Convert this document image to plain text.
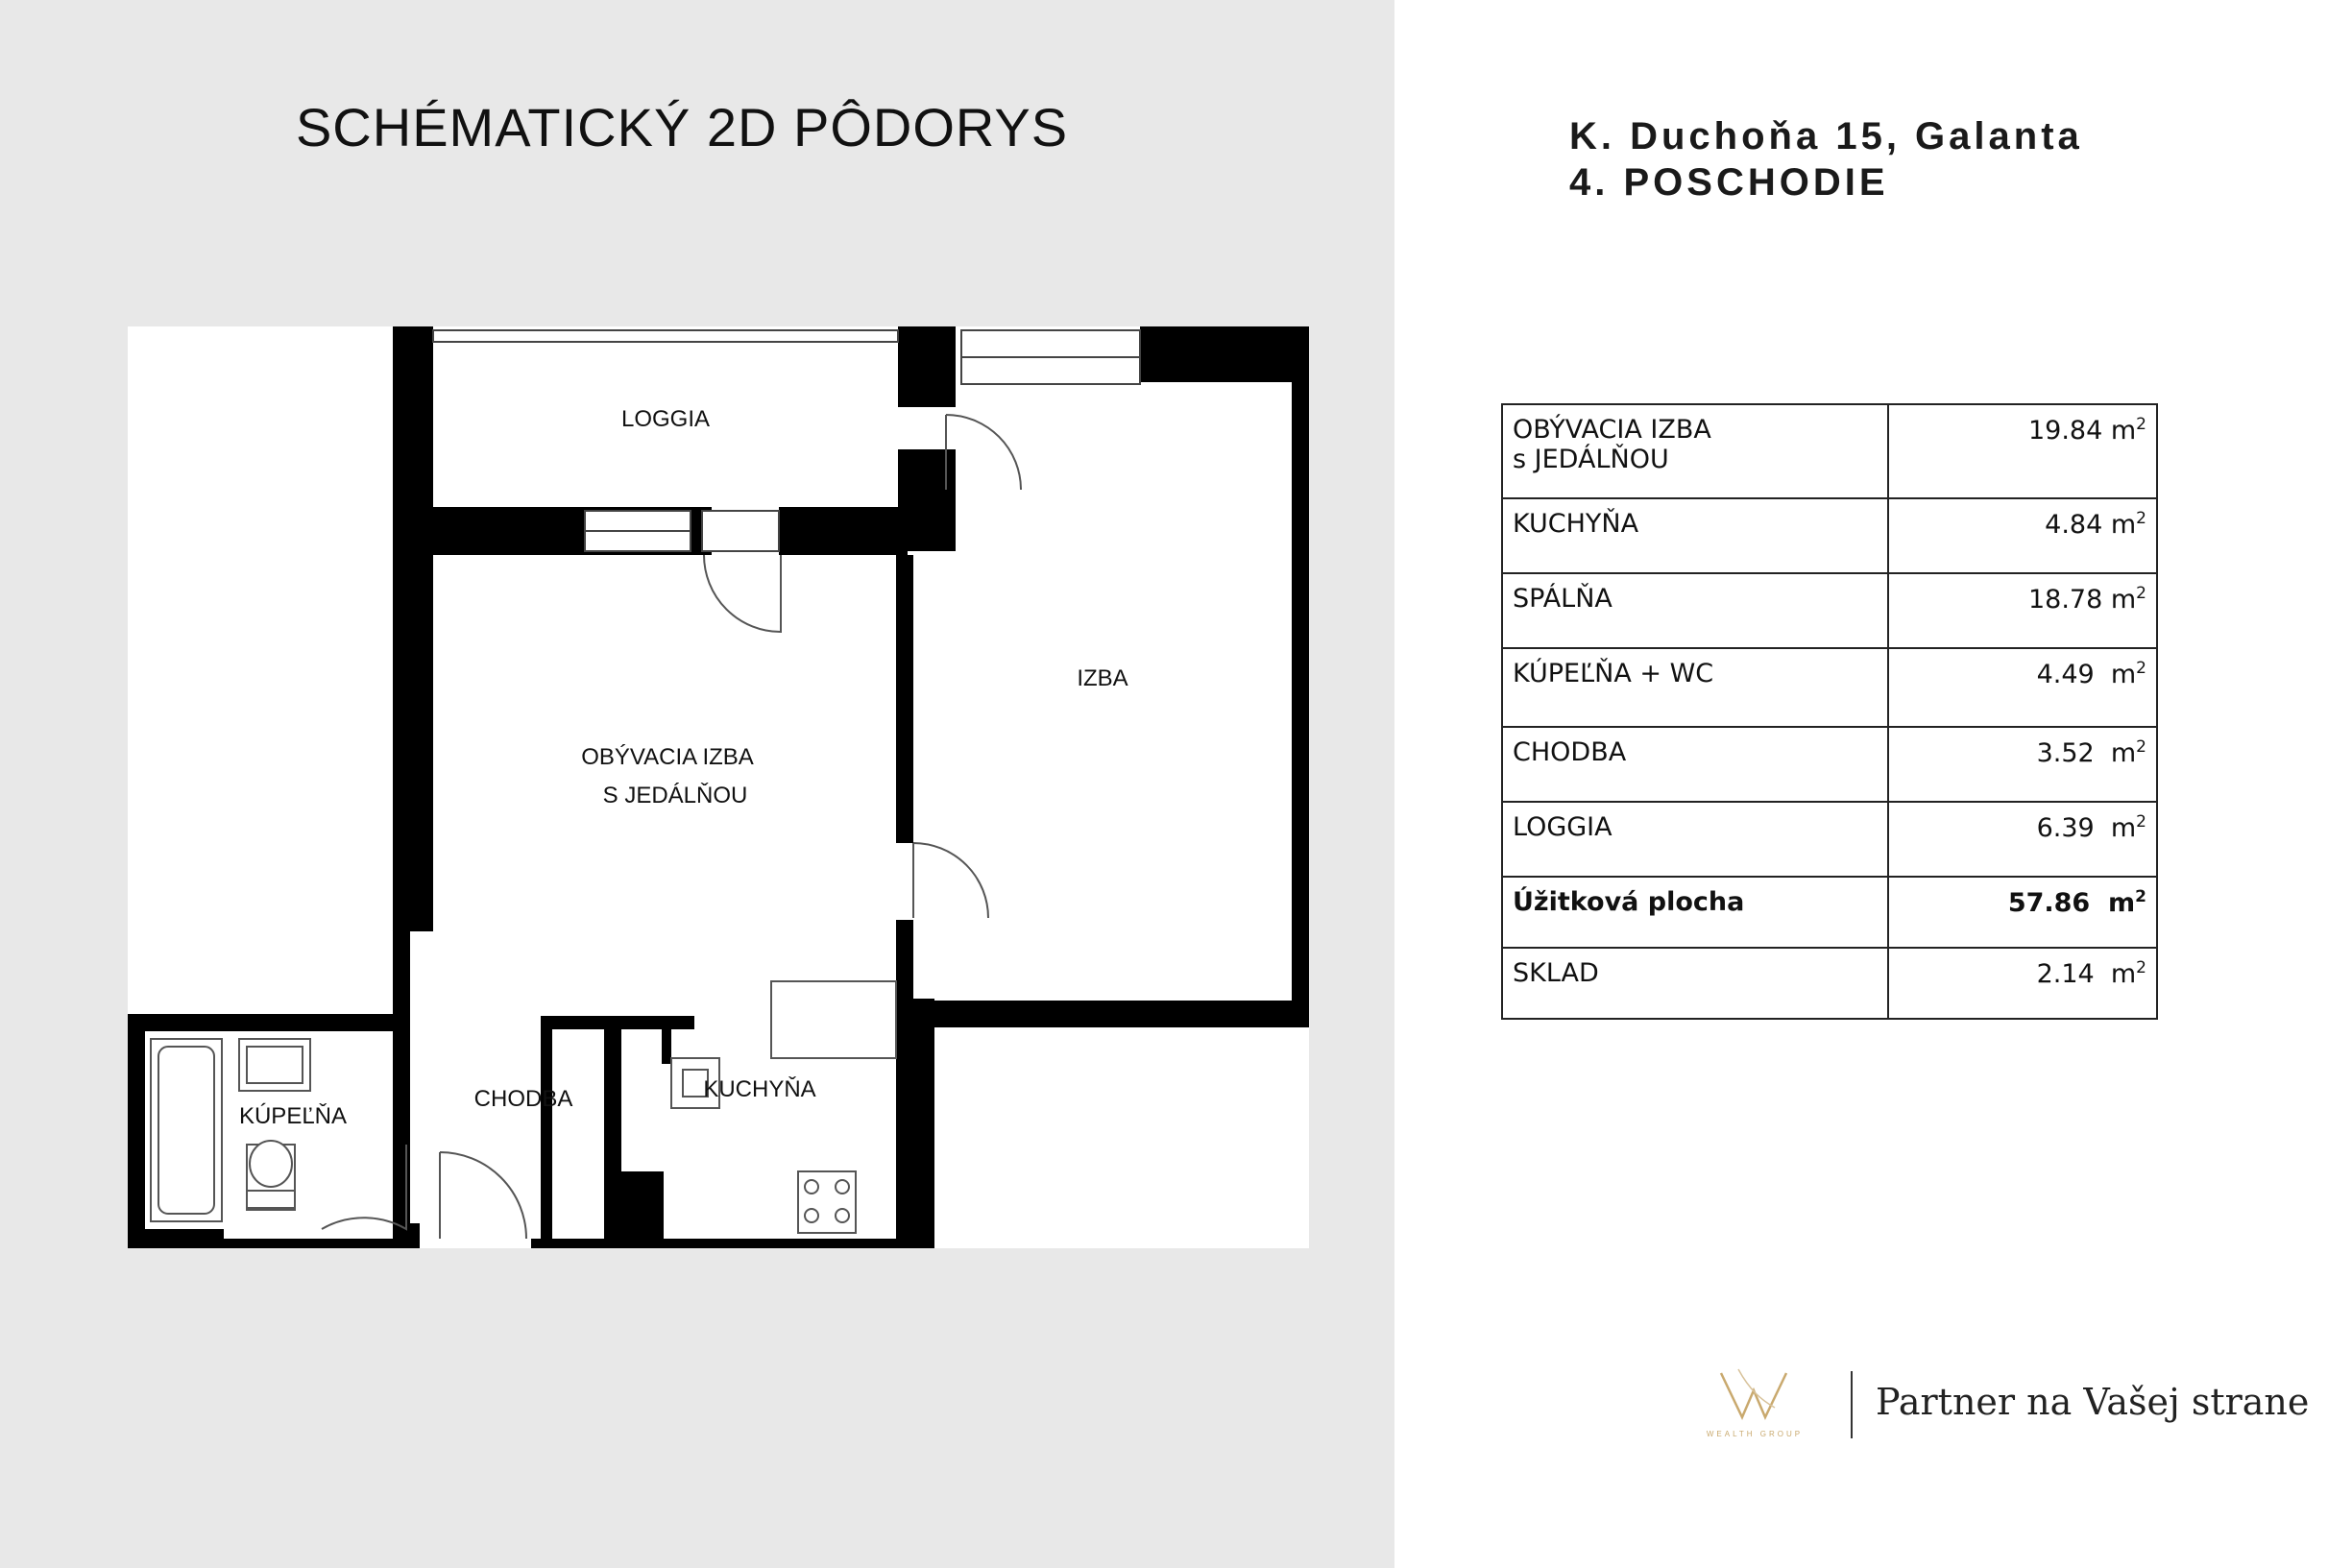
SCHÉMATICKÝ 2D PÔDORYS
LOGGIA
IZBA
OBÝVACIA IZBA
S JEDÁLŇOU
CHODBA	KUCHYŇA
KÚPEĽŇA
K. Duchoňa 15, Galanta
4. POSCHODIE
OBÝVACIA IZBA
s JEDÁLŇOU	19.84 $m^2$
KUCHYŇA	4.84 $m^2$
SPÁLŇA	18.78 $m^2$
KÚPEĽŇA + WC	4.49  $m^2$
CHODBA	3.52  $m^2$
LOGGIA	6.39  $m^2$
Úžitková plocha	57.86  $m^2$
SKLAD	2.14  $m^2$
WEALTH GROUP
Partner na Vašej strane
